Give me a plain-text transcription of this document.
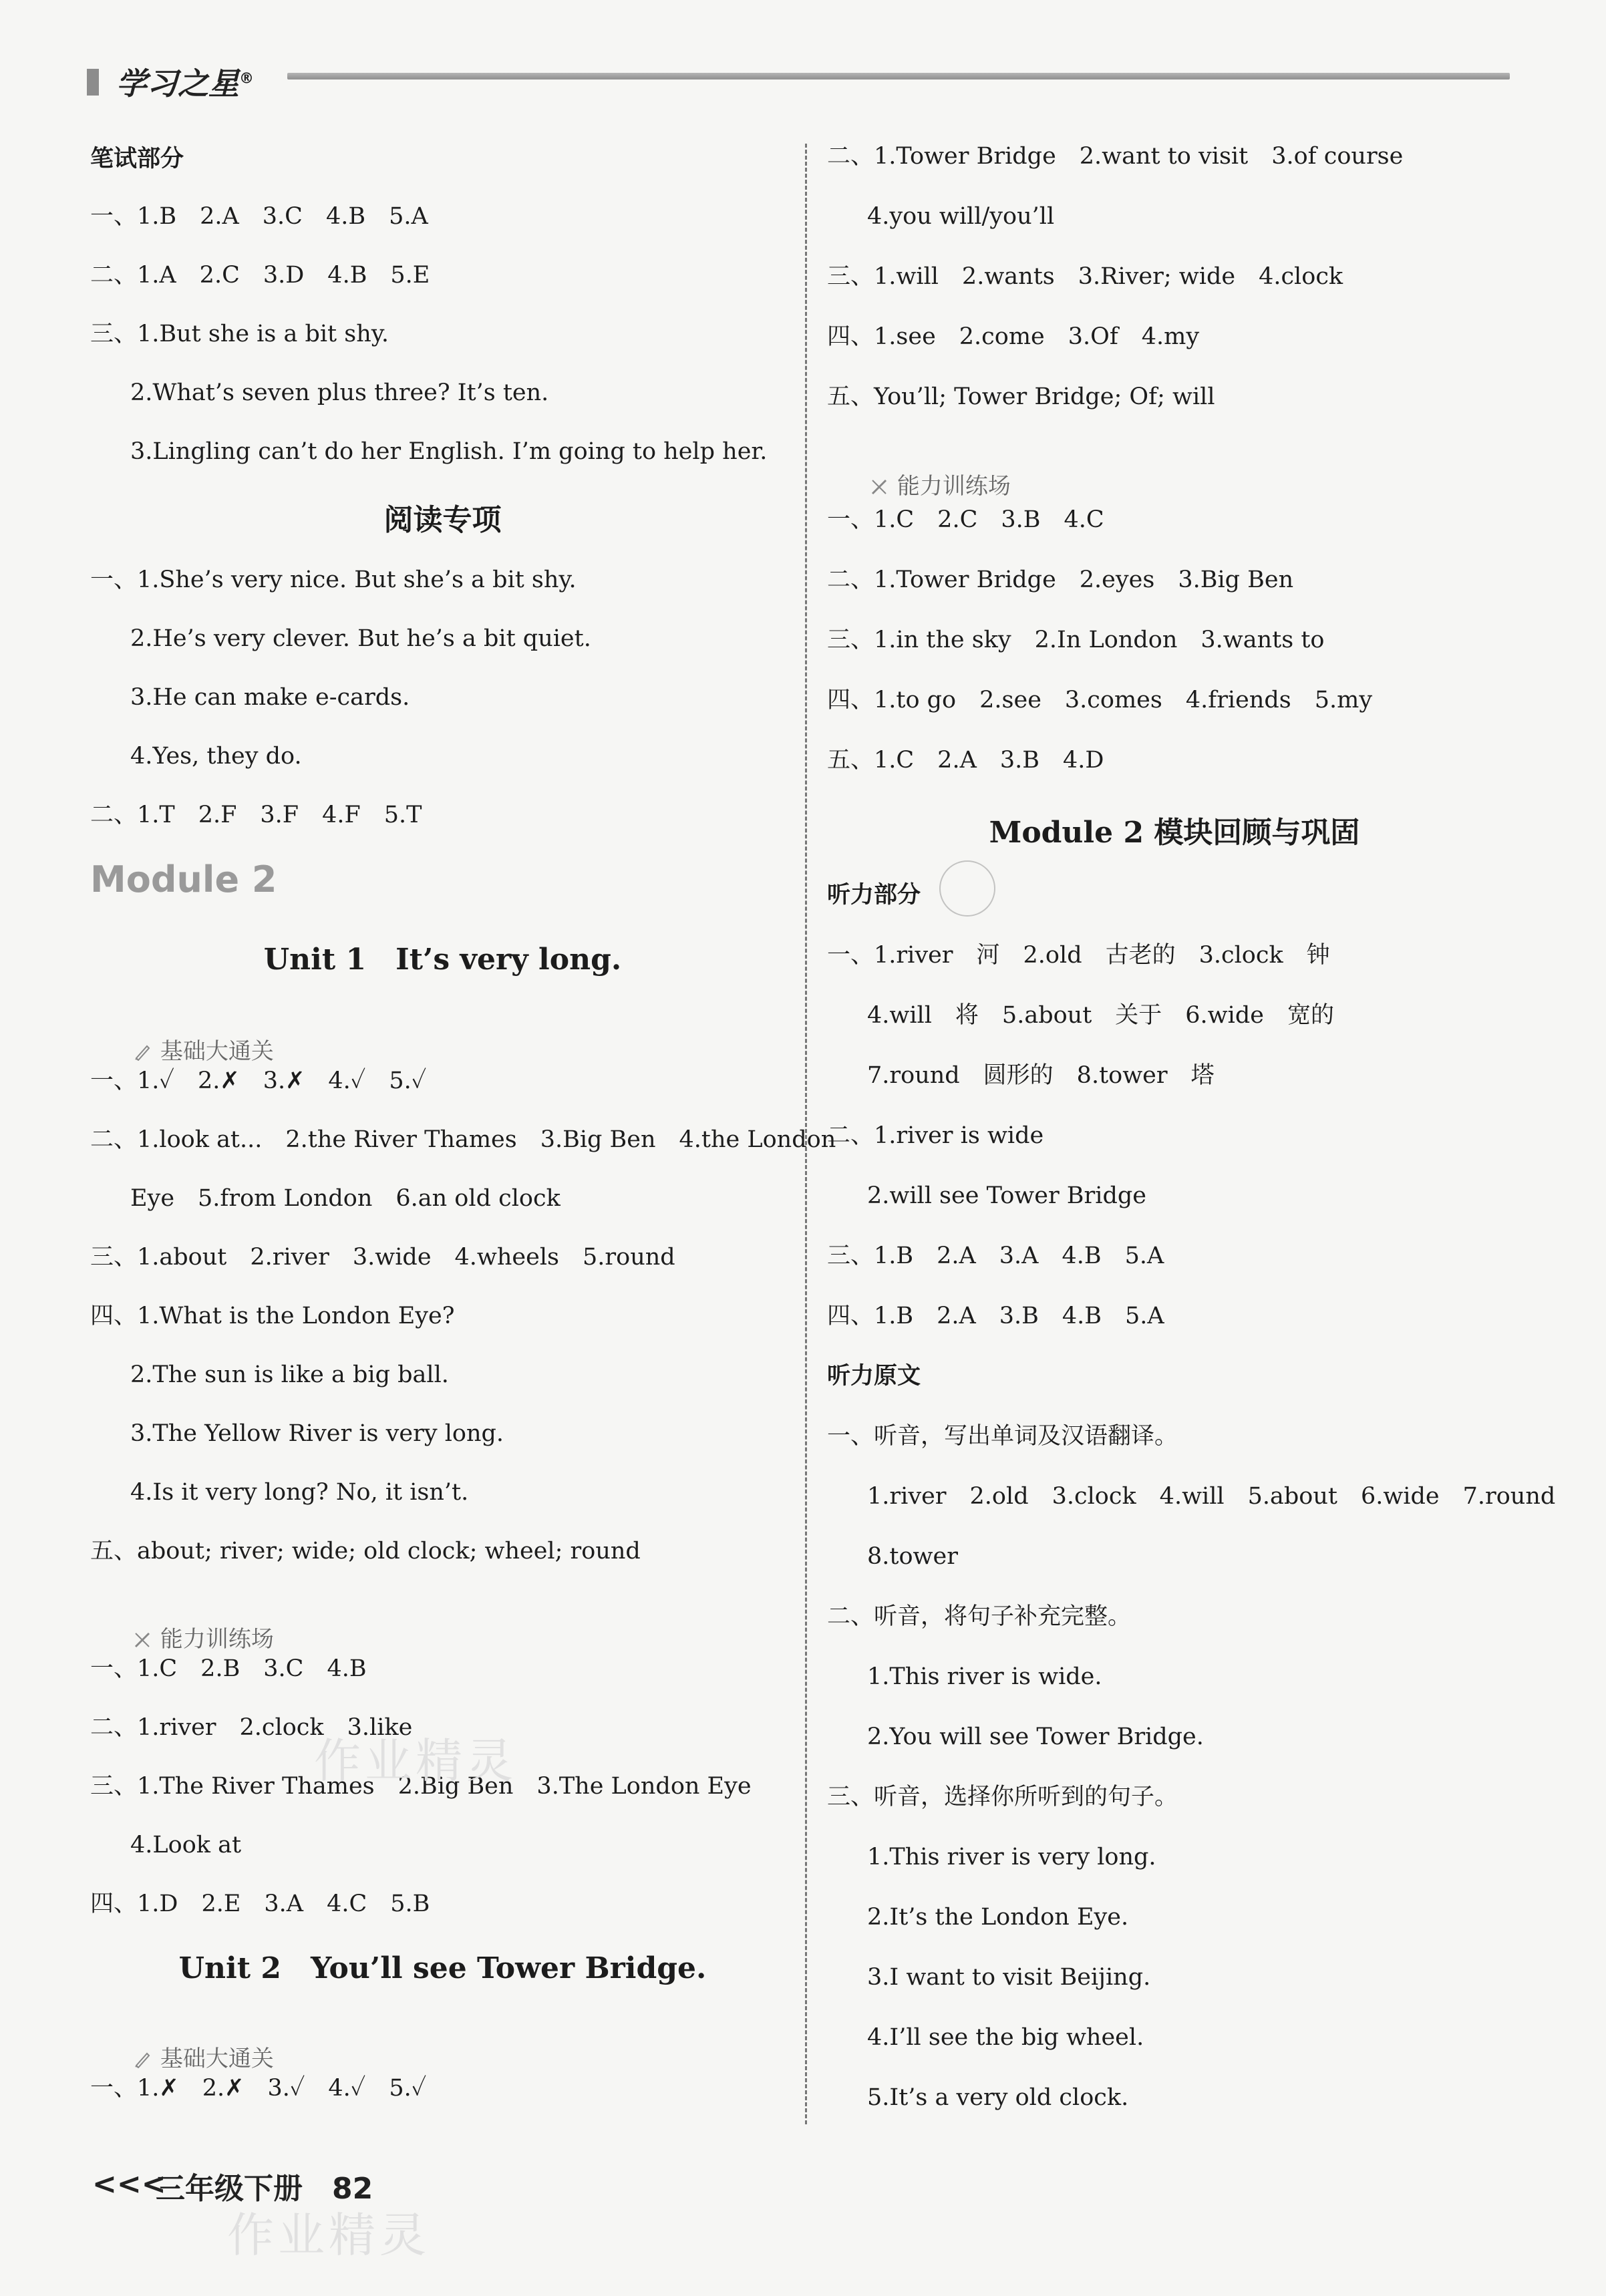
学习之星®
笔试部分
一、1.B　2.A　3.C　4.B　5.A
二、1.A　2.C　3.D　4.B　5.E
三、1.But she is a bit shy.
2.What’s seven plus three? It’s ten.
3.Lingling can’t do her English. I’m going to help her.
阅读专项
一、1.She’s very nice. But she’s a bit shy.
2.He’s very clever. But he’s a bit quiet.
3.He can make e-cards.
4.Yes, they do.
二、1.T　2.F　3.F　4.F　5.T
Module 2
Unit 1　It’s very long.

基础大通关

一、1.✓　2.✗　3.✗　4.✓　5.✓
二、1.look at...　2.the River Thames　3.Big Ben　4.the London
Eye　5.from London　6.an old clock
三、1.about　2.river　3.wide　4.wheels　5.round
四、1.What is the London Eye?
2.The sun is like a big ball.
3.The Yellow River is very long.
4.Is it very long? No, it isn’t.
五、about; river; wide; old clock; wheel; round

能力训练场

一、1.C　2.B　3.C　4.B
二、1.river　2.clock　3.like
三、1.The River Thames　2.Big Ben　3.The London Eye
4.Look at
四、1.D　2.E　3.A　4.C　5.B
Unit 2　You’ll see Tower Bridge.

基础大通关

一、1.✗　2.✗　3.✓　4.✓　5.✓
二、1.Tower Bridge　2.want to visit　3.of course
4.you will/you’ll
三、1.will　2.wants　3.River; wide　4.clock
四、1.see　2.come　3.Of　4.my
五、You’ll; Tower Bridge; Of; will

能力训练场

一、1.C　2.C　3.B　4.C
二、1.Tower Bridge　2.eyes　3.Big Ben
三、1.in the sky　2.In London　3.wants to
四、1.to go　2.see　3.comes　4.friends　5.my
五、1.C　2.A　3.B　4.D
Module 2 模块回顾与巩固
听力部分
一、1.river　河　2.old　古老的　3.clock　钟
4.will　将　5.about　关于　6.wide　宽的
7.round　圆形的　8.tower　塔
二、1.river is wide
2.will see Tower Bridge
三、1.B　2.A　3.A　4.B　5.A
四、1.B　2.A　3.B　4.B　5.A
听力原文
一、听音，写出单词及汉语翻译。
1.river　2.old　3.clock　4.will　5.about　6.wide　7.round
8.tower
二、听音，将句子补充完整。
1.This river is wide.
2.You will see Tower Bridge.
三、听音，选择你所听到的句子。
1.This river is very long.
2.It’s the London Eye.
3.I want to visit Beijing.
4.I’ll see the big wheel.
5.It’s a very old clock.
作业精灵
作业精灵
<<<
三年级下册　82
